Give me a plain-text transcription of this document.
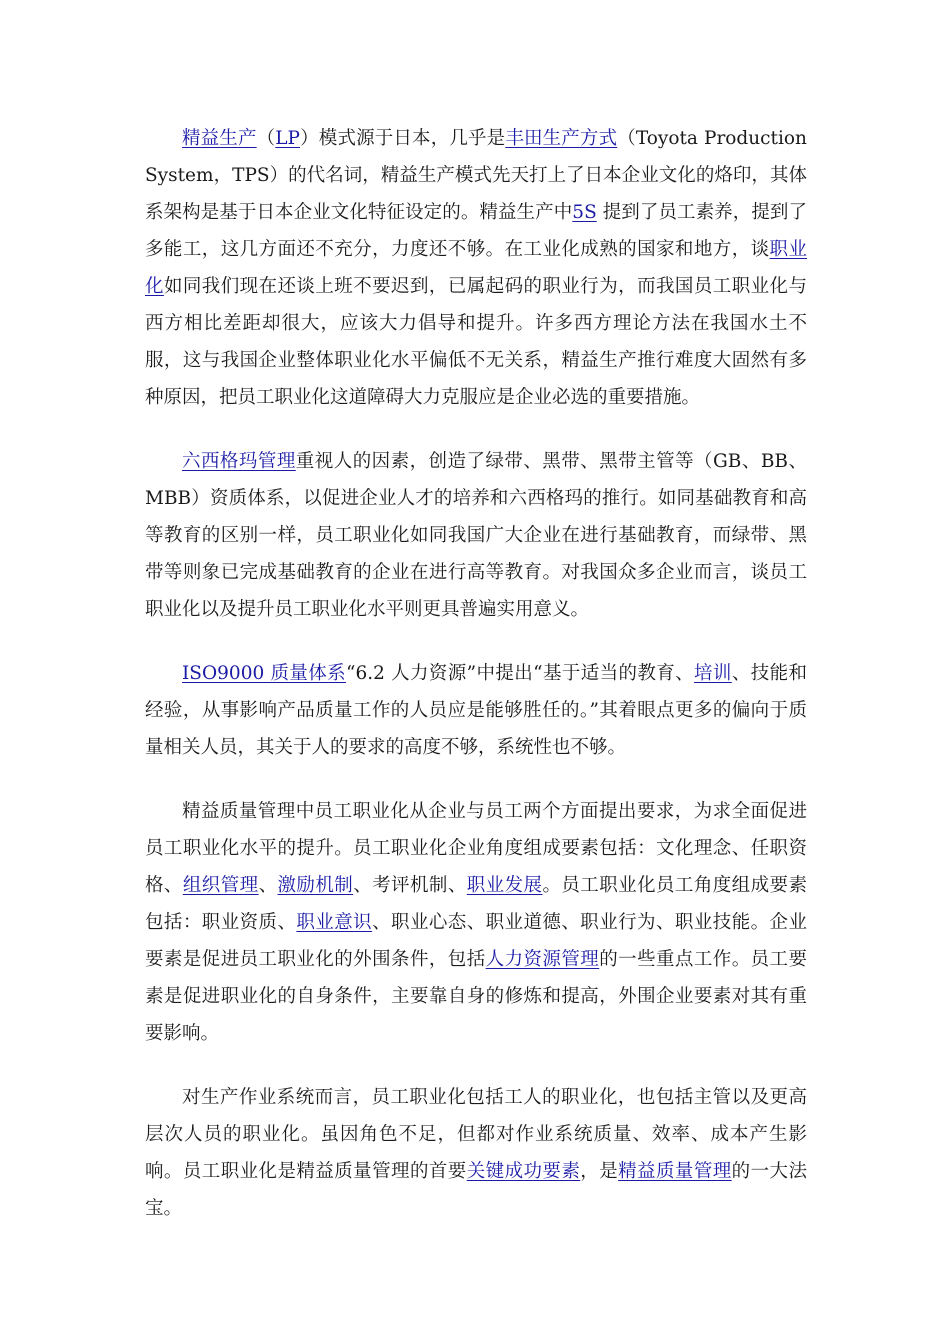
精益生产（LP）模式源于日本，几乎是丰田生产方式（Toyota Production System，TPS）的代名词，精益生产模式先天打上了日本企业文化的烙印，其体系架构是基于日本企业文化特征设定的。精益生产中5S 提到了员工素养，提到了多能工，这几方面还不充分，力度还不够。在工业化成熟的国家和地方，谈职业化如同我们现在还谈上班不要迟到，已属起码的职业行为，而我国员工职业化与西方相比差距却很大，应该大力倡导和提升。许多西方理论方法在我国水土不服，这与我国企业整体职业化水平偏低不无关系，精益生产推行难度大固然有多种原因，把员工职业化这道障碍大力克服应是企业必选的重要措施。

六西格玛管理重视人的因素，创造了绿带、黑带、黑带主管等（GB、BB、MBB）资质体系，以促进企业人才的培养和六西格玛的推行。如同基础教育和高等教育的区别一样，员工职业化如同我国广大企业在进行基础教育，而绿带、黑带等则象已完成基础教育的企业在进行高等教育。对我国众多企业而言，谈员工职业化以及提升员工职业化水平则更具普遍实用意义。

ISO9000 质量体系“6.2 人力资源”中提出“基于适当的教育、培训、技能和经验，从事影响产品质量工作的人员应是能够胜任的。”其着眼点更多的偏向于质量相关人员，其关于人的要求的高度不够，系统性也不够。

精益质量管理中员工职业化从企业与员工两个方面提出要求，为求全面促进员工职业化水平的提升。员工职业化企业角度组成要素包括：文化理念、任职资格、组织管理、激励机制、考评机制、职业发展。员工职业化员工角度组成要素包括：职业资质、职业意识、职业心态、职业道德、职业行为、职业技能。企业要素是促进员工职业化的外围条件，包括人力资源管理的一些重点工作。员工要素是促进职业化的自身条件，主要靠自身的修炼和提高，外围企业要素对其有重要影响。

对生产作业系统而言，员工职业化包括工人的职业化，也包括主管以及更高层次人员的职业化。虽因角色不足，但都对作业系统质量、效率、成本产生影响。员工职业化是精益质量管理的首要关键成功要素，是精益质量管理的一大法宝。
